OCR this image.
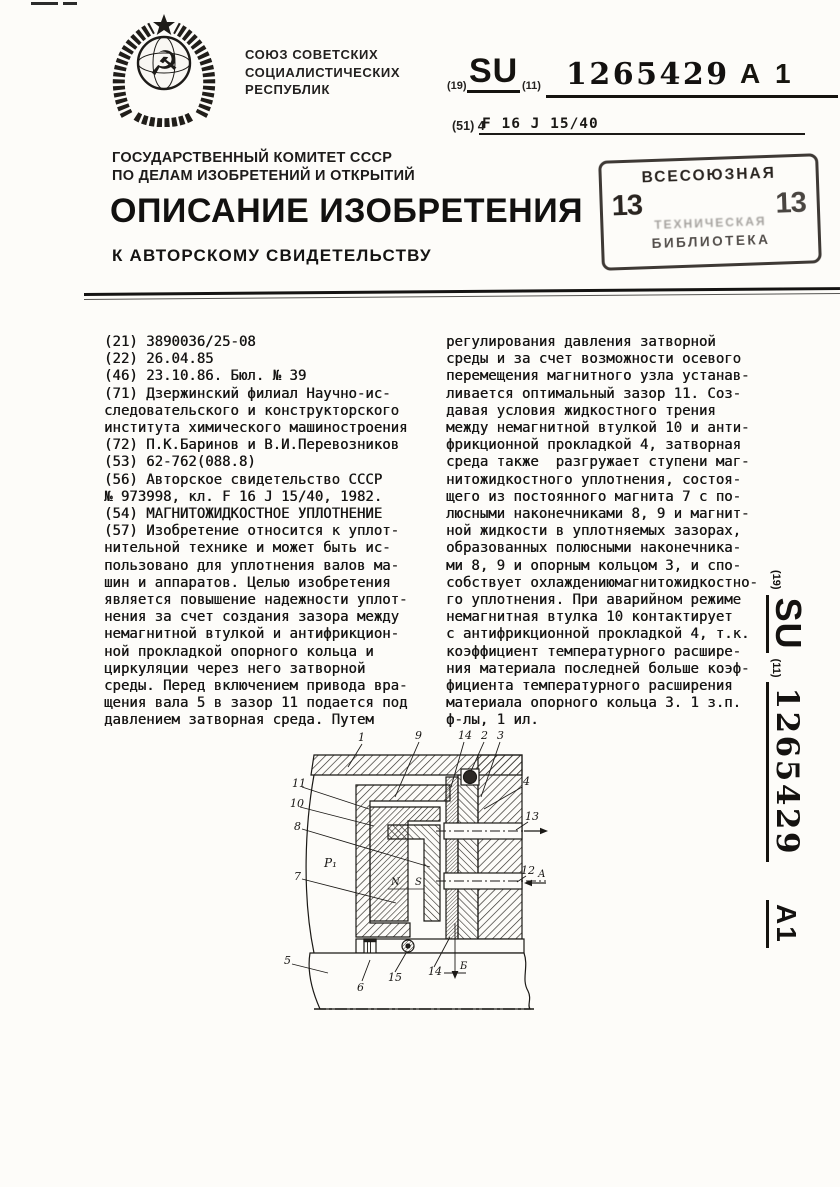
☭	СОЮЗ СОВЕТСКИХ
СОЦИАЛИСТИЧЕСКИХ
РЕСПУБЛИК
ГОСУДАРСТВЕННЫЙ КОМИТЕТ СССР
ПО ДЕЛАМ ИЗОБРЕТЕНИЙ И ОТКРЫТИЙ
(19) SU (11) 1265429 A 1
(51) 4
F 16 J 15/40
ОПИСАНИЕ ИЗОБРЕТЕНИЯ
К АВТОРСКОМУ СВИДЕТЕЛЬСТВУ
ВСЕСОЮЗНАЯ
13	13
ТЕХНИЧЕСКАЯ
БИБЛИОТЕКА
(21) 3890036/25-08
(22) 26.04.85
(46) 23.10.86. Бюл. № 39
(71) Дзержинский филиал Научно-ис-
следовательского и конструкторского
института химического машиностроения
(72) П.К.Баринов и В.И.Перевозников
(53) 62-762(088.8)
(56) Авторское свидетельство СССР
№ 973998, кл. F 16 J 15/40, 1982.
(54) МАГНИТОЖИДКОСТНОЕ УПЛОТНЕНИЕ
(57) Изобретение относится к уплот-
нительной технике и может быть ис-
пользовано для уплотнения валов ма-
шин и аппаратов. Целью изобретения
является повышение надежности уплот-
нения за счет создания зазора между
немагнитной втулкой и антифрикцион-
ной прокладкой опорного кольца и
циркуляции через него затворной
среды. Перед включением привода вра-
щения вала 5 в зазор 11 подается под
давлением затворная среда. Путем
регулирования давления затворной
среды и за счет возможности осевого
перемещения магнитного узла устанав-
ливается оптимальный зазор 11. Соз-
давая условия жидкостного трения
между немагнитной втулкой 10 и анти-
фрикционной прокладкой 4, затворная
среда также  разгружает ступени маг-
нитожидкостного уплотнения, состоя-
щего из постоянного магнита 7 с по-
люсными наконечниками 8, 9 и магнит-
ной жидкости в уплотняемых зазорах,
образованных полюсными наконечника-
ми 8, 9 и опорным кольцом 3, и спо-
собствует охлаждениюмагнитожидкостно-
го уплотнения. При аварийном режиме
немагнитная втулка 10 контактирует
с антифрикционной прокладкой 4, т.к.
коэффициент температурного расшире-
ния материала последней больше коэф-
фициента температурного расширения
материала опорного кольца 3. 1 з.п.
ф-лы, 1 ил.
1	9	14 2 3
4
11
10
8
7
5
6
15 14
13
12
N S
Б
А
P₁
(19)
SU
(11)
1265429
A1
